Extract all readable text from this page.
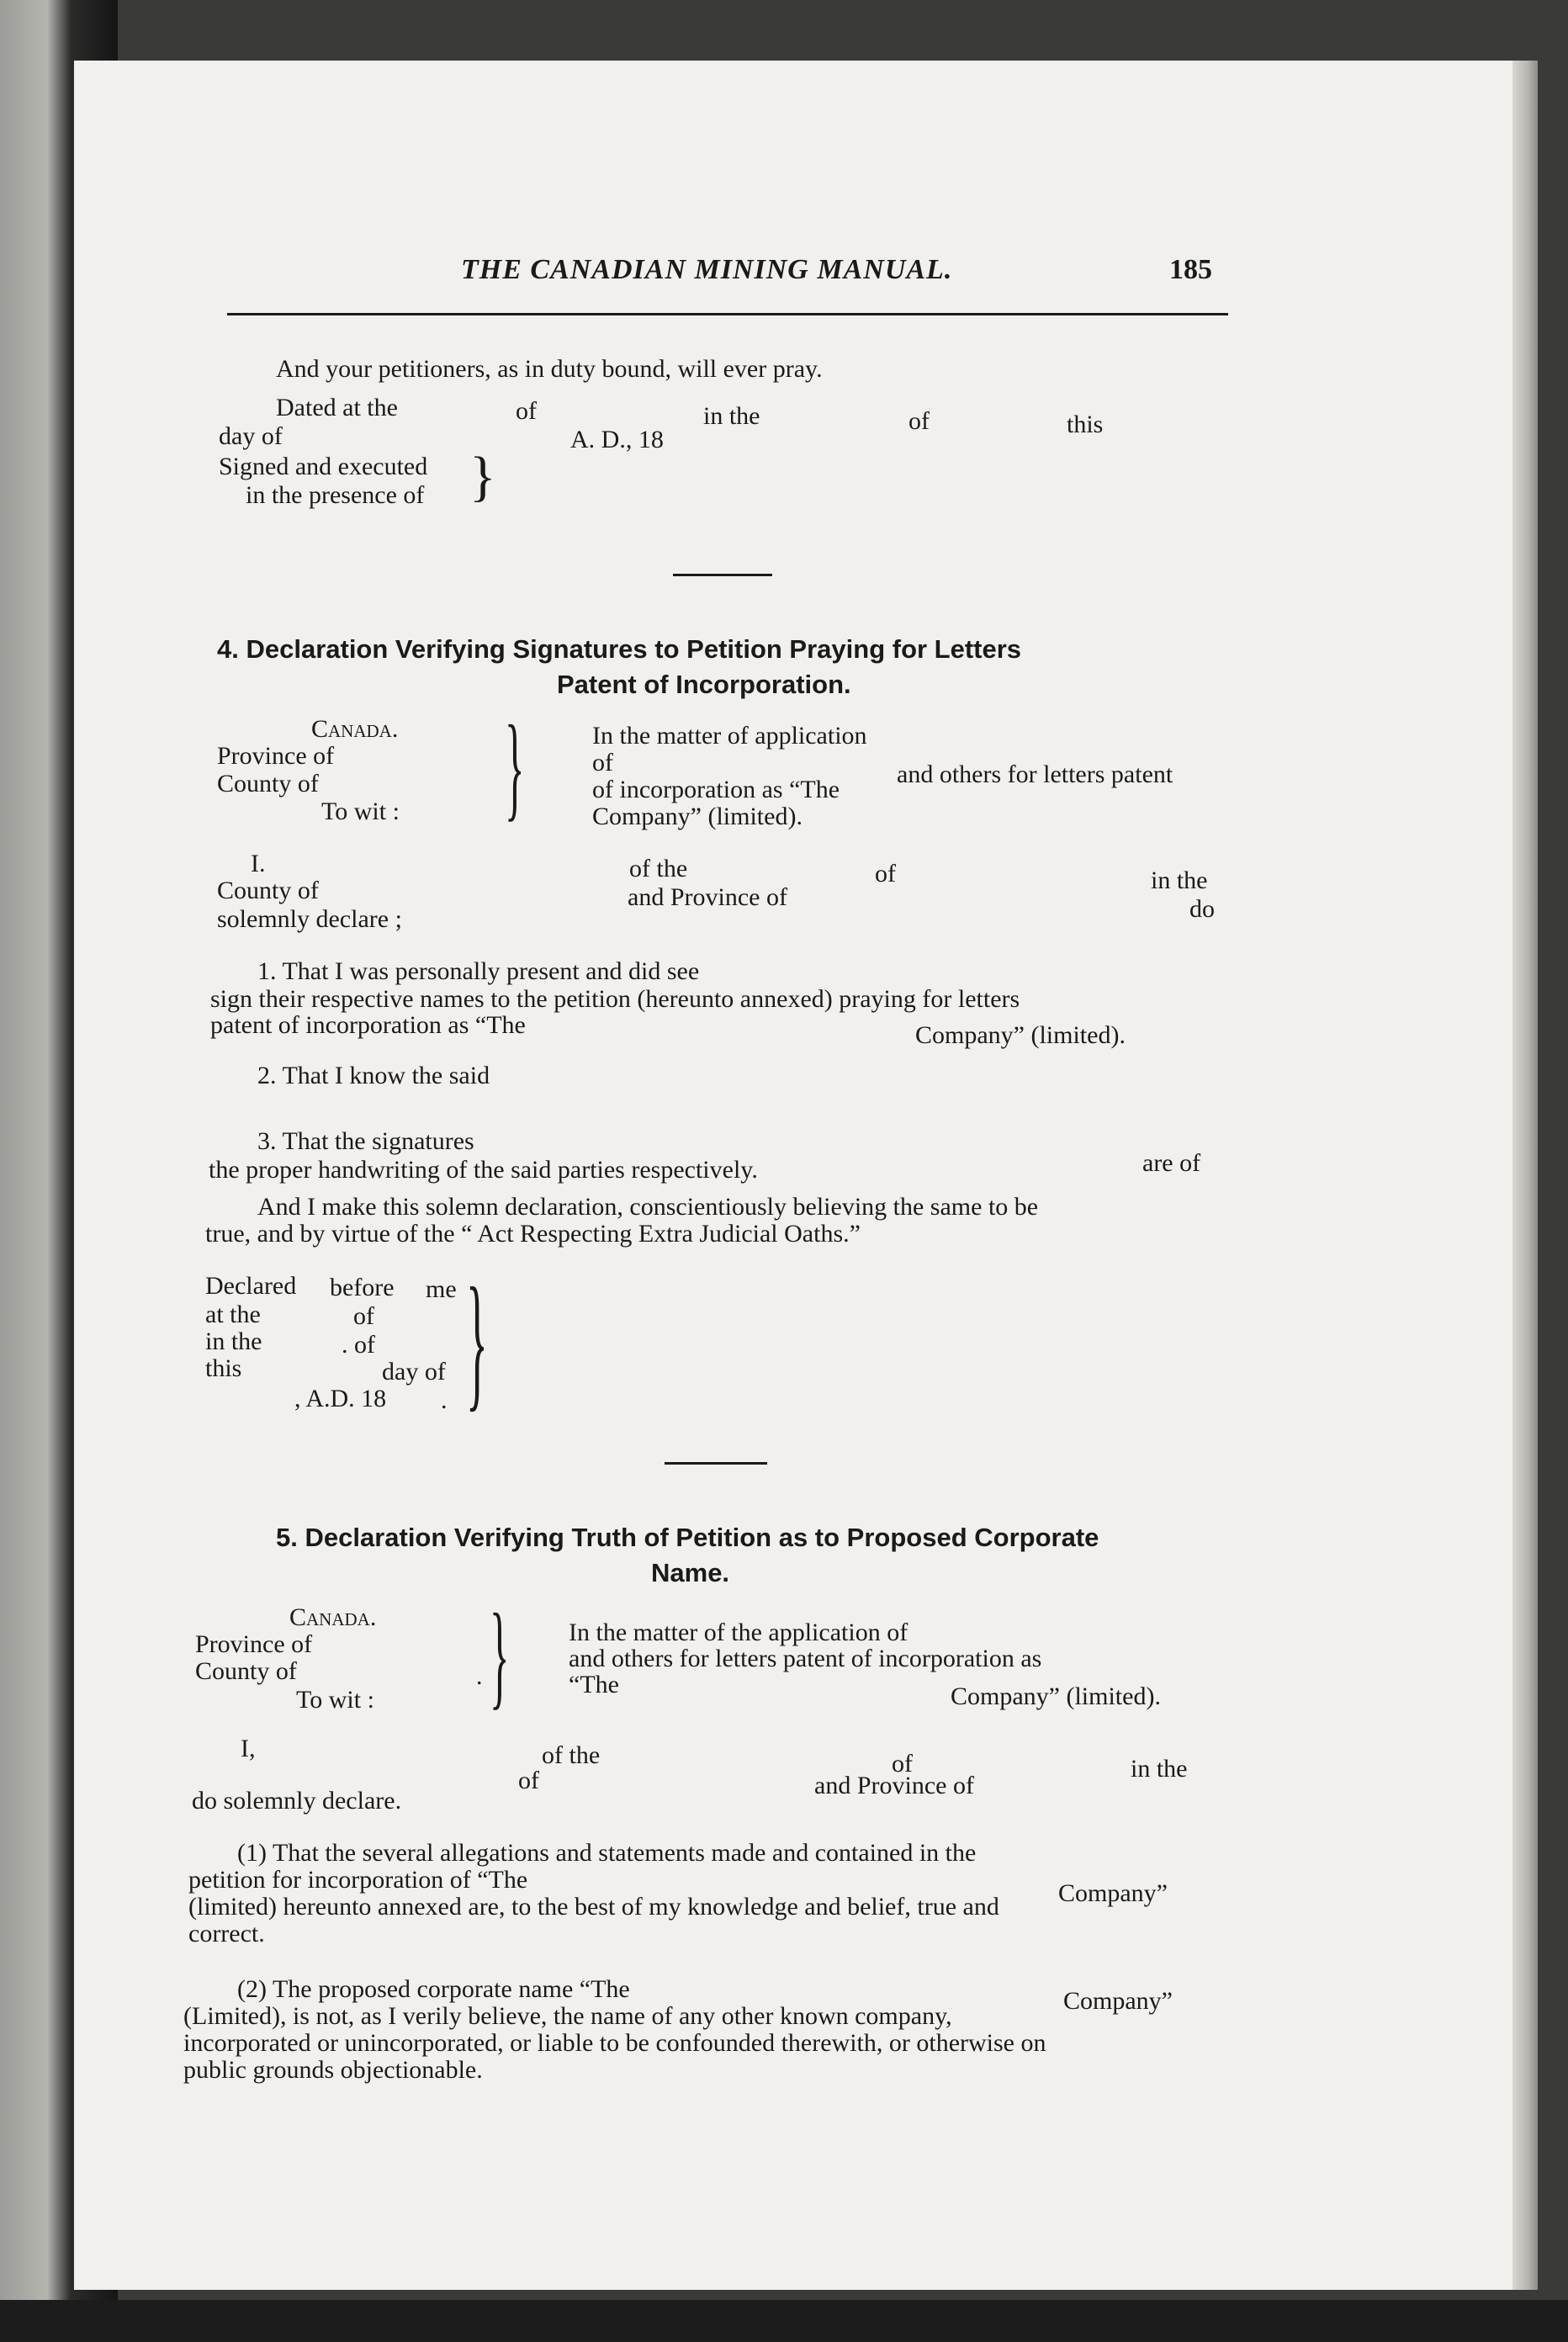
THE CANADIAN MINING MANUAL.	185
And your petitioners, as in duty bound, will ever pray.
Dated at the	of	in the	of	this
day of	A. D., 18
Signed and executed
in the presence of }
4. Declaration Verifying Signatures to Petition Praying for Letters
Patent of Incorporation.
Canada.
Province of
County of
To wit : }	In the matter of application
of	and others for letters patent
of incorporation as “The
Company” (limited).
I.	of the	of	in the
County of	and Province of	do
solemnly declare ;
1. That I was personally present and did see
sign their respective names to the petition (hereunto annexed) praying for letters
patent of incorporation as “The	Company” (limited).
2. That I know the said
3. That the signatures
are of
the proper handwriting of the said parties respectively.
And I make this solemn declaration, conscientiously believing the same to be
true, and by virtue of the “ Act Respecting Extra Judicial Oaths.”
Declared before me
at the	of
in the	. of
this	day of
, A.D. 18 . }
5. Declaration Verifying Truth of Petition as to Proposed Corporate
Name.
Canada.
Province of
County of
To wit :
. } In the matter of the application of
and others for letters patent of incorporation as
“The	Company” (limited).
I,	of the	of	in the
of	and Province of
do solemnly declare.
(1) That the several allegations and statements made and contained in the
petition for incorporation of “The	Company”
(limited) hereunto annexed are, to the best of my knowledge and belief, true and
correct.
(2) The proposed corporate name “The	Company”
(Limited), is not, as I verily believe, the name of any other known company,
incorporated or unincorporated, or liable to be confounded therewith, or otherwise on
public grounds objectionable.
